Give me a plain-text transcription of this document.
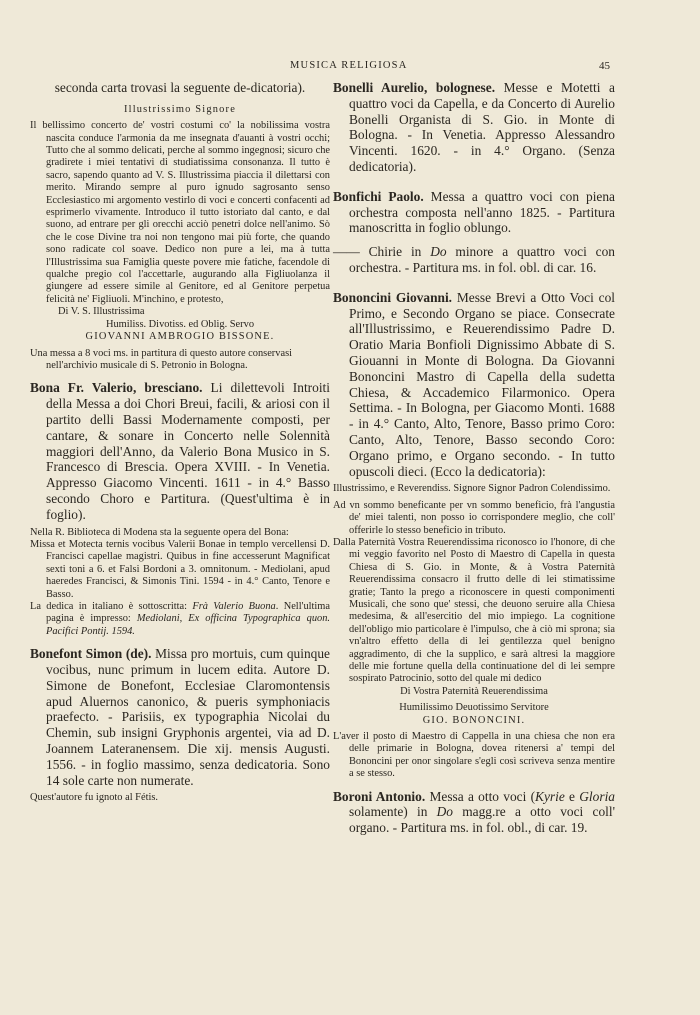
MUSICA RELIGIOSA	45

seconda carta trovasi la seguente de-dicatoria).

Illustrissimo Signore

Il bellissimo concerto de' vostri costumi co' la nobilissima vostra nascita conduce l'armonia da me insegnata d'auanti à vostri occhi; Tutto che al sommo delicati, perche al sommo ingegnosi; sicuro che gradirete i miei tentativi di studiatissima consonanza. Il tutto è sacro, sapendo quanto ad V. S. Illustrissima piaccia il dilettarsi con merito. Mirando sempre al puro ignudo sagrosanto senso Ecclesiastico mi argomento vestirlo di voci e concerti confacenti ad esprimerlo vivamente. Introduco il tutto istoriato dal canto, e dal suono, ad entrare per gli orecchi acciò penetri dolce nell'animo. Sò che le cose Divine tra noi non tengono mai più forte, che quando sono radicate col soave. Dedico non pure a lei, ma à tutta l'Illustrissima sua Famiglia queste povere mie fatiche, facendole di qualche pregio col l'accettarle, augurando alla Figliuolanza il giungere ad essere simile al Genitore, ed al Genitore perpetua felicità ne' Figliuoli. M'inchino, e protesto,

Di V. S. Illustrissima

Humiliss. Divotiss. ed Oblig. Servo

GIOVANNI AMBROGIO BISSONE.

Una messa a 8 voci ms. in partitura di questo autore conservasi nell'archivio musicale di S. Petronio in Bologna.

Bona Fr. Valerio, bresciano. Li dilettevoli Introiti della Messa a doi Chori Breui, facili, & ariosi con il partito delli Bassi Modernamente composti, per cantare, & sonare in Concerto nelle Solennità maggiori dell'Anno, da Valerio Bona Musico in S. Francesco di Brescia. Opera XVIII. - In Venetia. Appresso Giacomo Vincenti. 1611 - in 4.° Basso secondo Choro e Partitura. (Quest'ultima è in foglio).

Nella R. Biblioteca di Modena sta la seguente opera del Bona:

Missa et Motecta ternis vocibus Valerii Bonae in templo vercellensi D. Francisci capellae magistri. Quibus in fine accesserunt Magnificat sexti toni a 6. et Falsi Bordoni a 3. omnitonum. - Mediolani, apud haeredes Francisci, & Simonis Tini. 1594 - in 4.° Canto, Tenore e Basso.

La dedica in italiano è sottoscritta: Frà Valerio Buona. Nell'ultima pagina è impresso: Mediolani, Ex officina Typographica quon. Pacifici Pontij. 1594.

Bonefont Simon (de). Missa pro mortuis, cum quinque vocibus, nunc primum in lucem edita. Autore D. Simone de Bonefont, Ecclesiae Claromontensis apud Aluernos canonico, & pueris symphoniacis praefecto. - Parisiis, ex typographia Nicolai du Chemin, sub insigni Gryphonis argentei, via ad D. Joannem Lateranensem. Die xij. mensis Augusti. 1556. - in foglio massimo, senza dedicatoria. Sono 14 sole carte non numerate.

Quest'autore fu ignoto al Fétis.

Bonelli Aurelio, bolognese. Messe e Motetti a quattro voci da Capella, e da Concerto di Aurelio Bonelli Organista di S. Gio. in Monte di Bologna. - In Venetia. Appresso Alessandro Vincenti. 1620. - in 4.° Organo. (Senza dedicatoria).

Bonfichi Paolo. Messa a quattro voci con piena orchestra composta nell'anno 1825. - Partitura manoscritta in foglio oblungo.

—— Chirie in Do minore a quattro voci con orchestra. - Partitura ms. in fol. obl. di car. 16.

Bononcini Giovanni. Messe Brevi a Otto Voci col Primo, e Secondo Organo se piace. Consecrate all'Illustrissimo, e Reuerendissimo Padre D. Oratio Maria Bonfioli Dignissimo Abbate di S. Giouanni in Monte di Bologna. Da Giovanni Bononcini Mastro di Capella della sudetta Chiesa, & Accademico Filarmonico. Opera Settima. - In Bologna, per Giacomo Monti. 1688 - in 4.° Canto, Alto, Tenore, Basso primo Coro: Canto, Alto, Tenore, Basso secondo Coro: Organo primo, e Organo secondo. - In tutto opuscoli dieci. (Ecco la dedicatoria):

Illustrissimo, e Reverendiss. Signore Signor Padron Colendissimo.

Ad vn sommo beneficante per vn sommo beneficio, frà l'angustia de' miei talenti, non posso io corrispondere meglio, che coll' offerirle lo stesso beneficio in tributo.

Dalla Paternità Vostra Reuerendissima riconosco io l'honore, di che mi veggio favorito nel Posto di Maestro di Capella in questa Chiesa di S. Gio. in Monte, & à Vostra Paternità Reuerendissima consacro il frutto delle di lei stimatissime gratie; Tanto la prego a riconoscere in questi componimenti Musicali, che sono que' stessi, che deuono seruire alla Chiesa medesima, & all'esercitio del mio impiego. La cognitione dell'obligo mio particolare è l'impulso, che à ciò mi sprona; sia vn'altro effetto della di lei gentilezza quel benigno aggradimento, di che la supplico, e sarà altresi la maggiore delle mie fortune quella della continuatione del di lei sempre sospirato Patrocinio, sotto del quale mi dedico

Di Vostra Paternità Reuerendissima

Humilissimo Deuotissimo Servitore

GIO. BONONCINI.

L'aver il posto di Maestro di Cappella in una chiesa che non era delle primarie in Bologna, dovea ritenersi a' tempi del Bononcini per onor singolare s'egli così scriveva senza mentire a se stesso.

Boroni Antonio. Messa a otto voci (Kyrie e Gloria solamente) in Do magg.re a otto voci coll' organo. - Partitura ms. in fol. obl., di car. 19.
